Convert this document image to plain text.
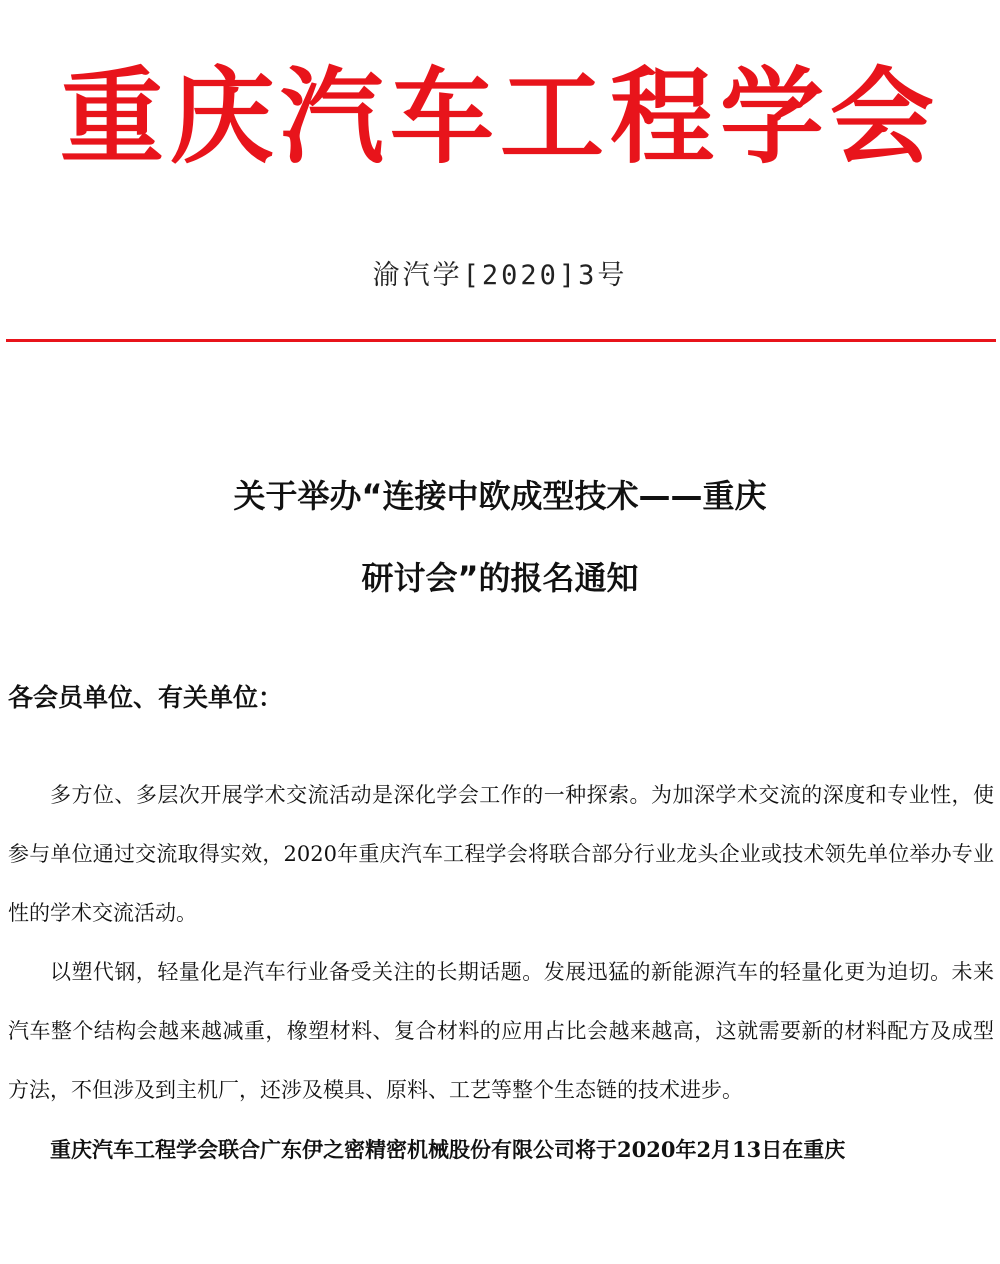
重庆汽车工程学会
渝汽学[2020]3号
关于举办“连接中欧成型技术——重庆
研讨会”的报名通知
各会员单位、有关单位：

多方位、多层次开展学术交流活动是深化学会工作的一种探索。为加深学术交流的深度和专业性，使参与单位通过交流取得实效，2020年重庆汽车工程学会将联合部分行业龙头企业或技术领先单位举办专业性的学术交流活动。

以塑代钢，轻量化是汽车行业备受关注的长期话题。发展迅猛的新能源汽车的轻量化更为迫切。未来汽车整个结构会越来越减重，橡塑材料、复合材料的应用占比会越来越高，这就需要新的材料配方及成型方法，不但涉及到主机厂，还涉及模具、原料、工艺等整个生态链的技术进步。

重庆汽车工程学会联合广东伊之密精密机械股份有限公司将于2020年2月13日在重庆
